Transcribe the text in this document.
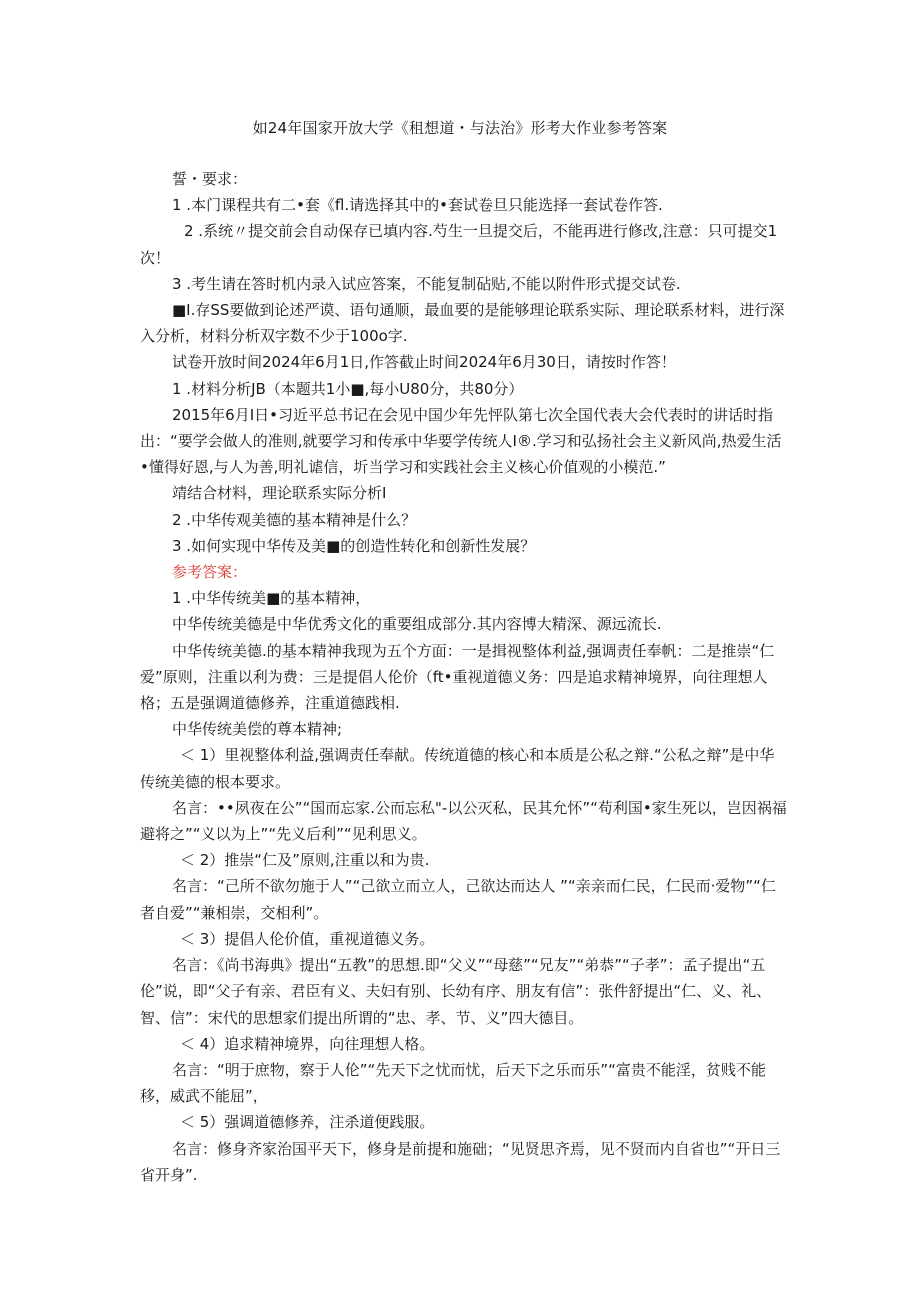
如24年国家开放大学《租想道・与法治》形考大作业参考答案

誓・要求：

1 .本门课程共有二•套《fl.请选择其中的•套试卷旦只能选择一套试卷作答.

2 .系统〃提交前会自动保存已填内容.芍生一旦提交后，不能再进行修改,注意：只可提交1次！

3 .考生请在答时机内录入试应答案，不能复制砧贴,不能以附件形式提交试卷.

■I.存SS要做到论述严谟、语句通顺，最血要的是能够理论联系实际、理论联系材料，进行深入分析，材料分析双字数不少于100o字.

试卷开放时间2024年6月1日,作答截止时间2024年6月30日，请按时作答！

1 .材料分析JB（本题共1小■,每小U80分，共80分）

2015年6月I日•习近平总书记在会见中国少年先怦队第七次全国代表大会代表时的讲话时指出：“要学会做人的准则,就要学习和传承中华要学传统人I®.学习和弘扬社会主义新风尚,热爱生活•懂得好恩,与人为善,明礼谑信，圻当学习和实践社会主义核心价值观的小模范.”

靖结合材料，理论联系实际分析I

2 .中华传观美德的基本精神是什么？

3 .如何实现中华传及美■的创造性转化和创新性发展？

参考答案：

1 .中华传统美■的基本精神，

中华传统美德是中华优秀文化的重要组成部分.其内容博大精深、源远流长.

中华传统美德.的基本精神我现为五个方面：一是揖视整体利益,强调责任奉帆：二是推崇“仁爱”原则，注重以利为费：三是提倡人伦价（ft•重视道德义务：四是追求精神境界，向往理想人格；五是强调道德修养，注重道德践相.

中华传统美偿的尊本精神;

＜ 1）里视整体利益,强调责任奉献。传统道德的核心和本质是公私之辩.“公私之辩”是中华传统美德的根本要求。

名言：••夙夜在公”“国而忘家.公而忘私"-以公灭私，民其允怀”“苟利国•家生死以，岂因祸福避将之”“义以为上”“先义后利”“见利思义。

＜ 2）推崇“仁及”原则,注重以和为贵.

名言：“己所不欲勿施于人”“己欲立而立人，己欲达而达人 ”“亲亲而仁民，仁民而·爱物”“仁者自爱”“兼相崇，交相利”。

＜ 3）提倡人伦价值，重视道德义务。

名言：《尚书海典》提出“五教”的思想.即“父义”“母慈”“兄友”“弟恭”“子孝”：孟子提出“五伦”说，即“父子有亲、君臣有义、夫妇有别、长幼有序、朋友有信”：张件舒提出“仁、义、礼、智、信”：宋代的思想家们提出所谓的“忠、孝、节、义”四大德目。

＜ 4）追求精神境界，向往理想人格。

名言：“明于庶物，察于人伦”“先天下之忧而忧，后天下之乐而乐”“富贵不能淫，贫贱不能移，威武不能屈”，

＜ 5）强调道德修养，注杀道便践服。

名言：修身齐家治国平天下，修身是前提和施础；“见贤思齐焉，见不贤而内自省也”“开日三省开身”.
